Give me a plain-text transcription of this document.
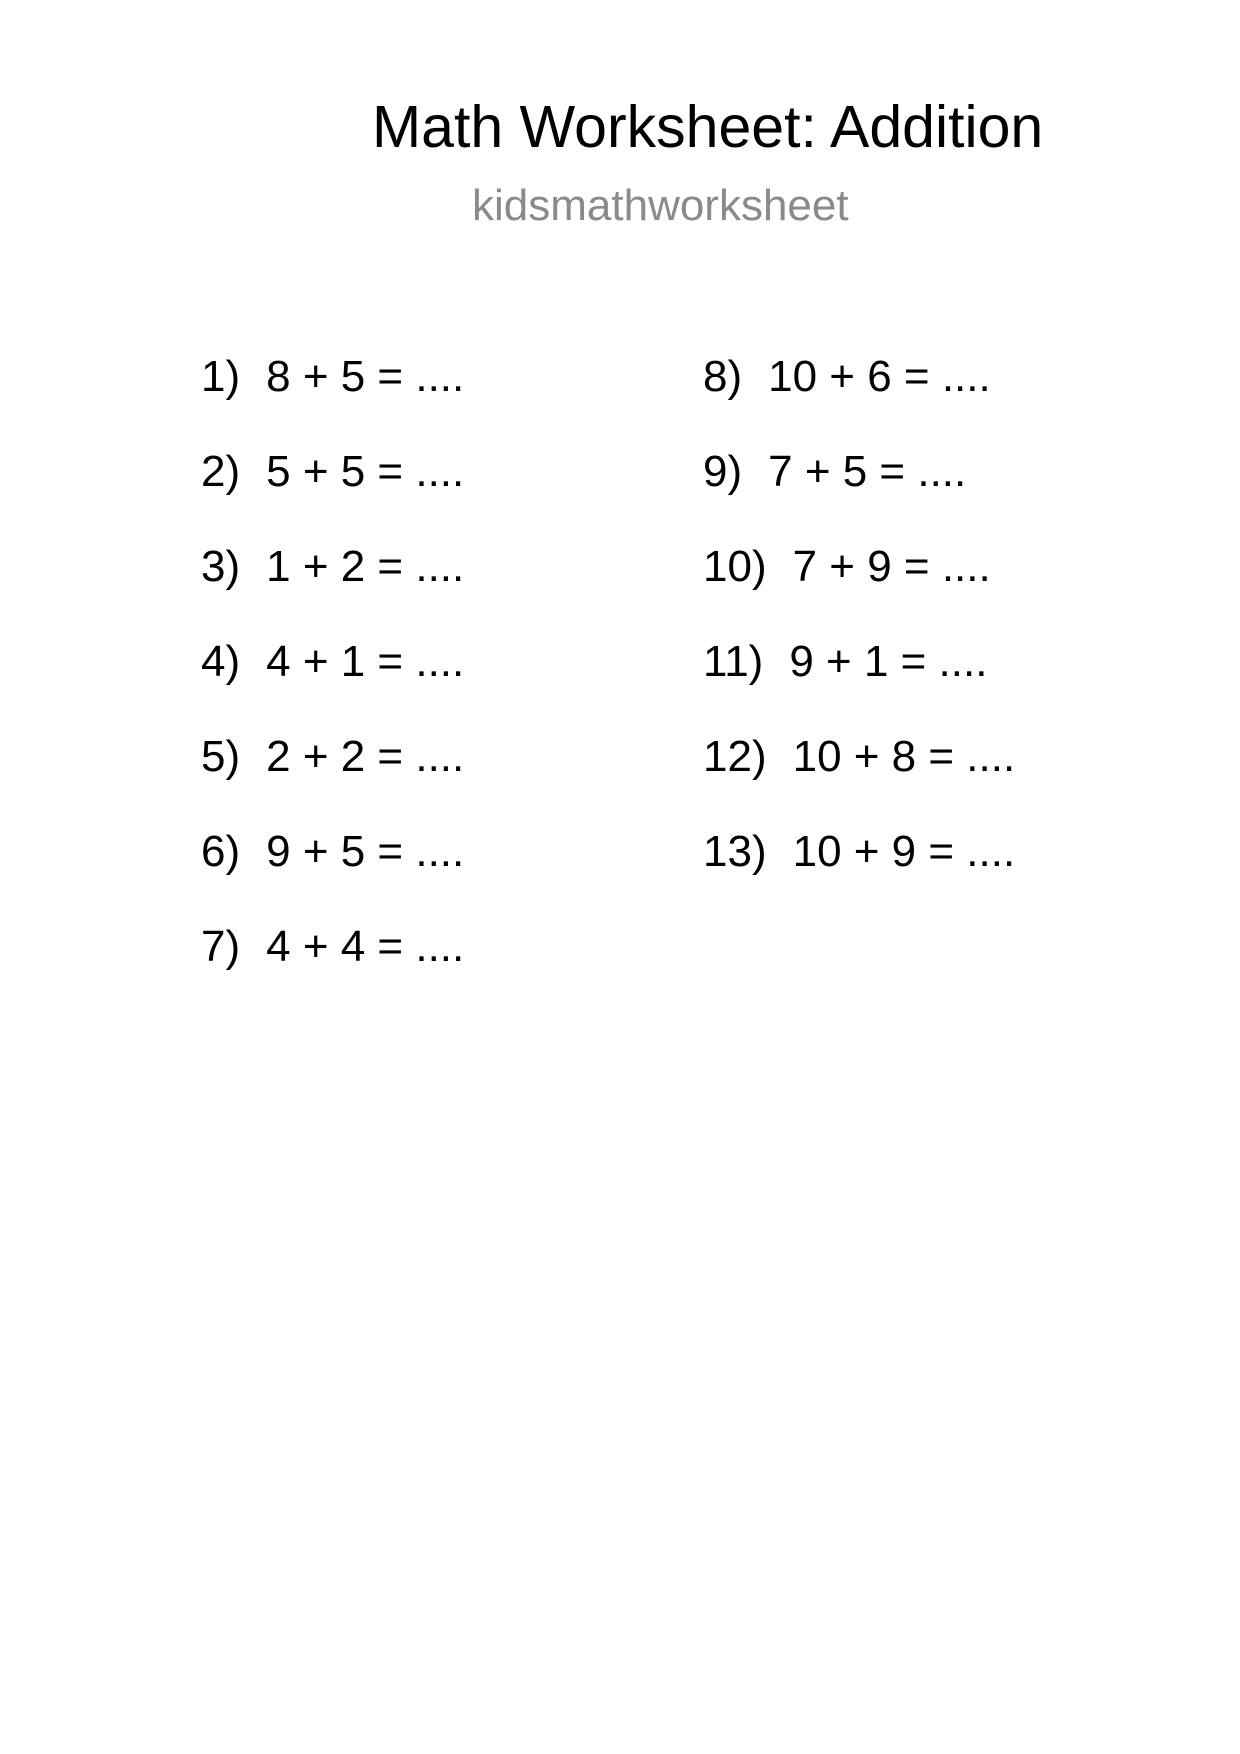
Math Worksheet: Addition
kidsmathworksheet
1) 8 + 5 = ....
2) 5 + 5 = ....
3) 1 + 2 = ....
4) 4 + 1 = ....
5) 2 + 2 = ....
6) 9 + 5 = ....
7) 4 + 4 = ....
8) 10 + 6 = ....
9) 7 + 5 = ....
10) 7 + 9 = ....
11) 9 + 1 = ....
12) 10 + 8 = ....
13) 10 + 9 = ....
